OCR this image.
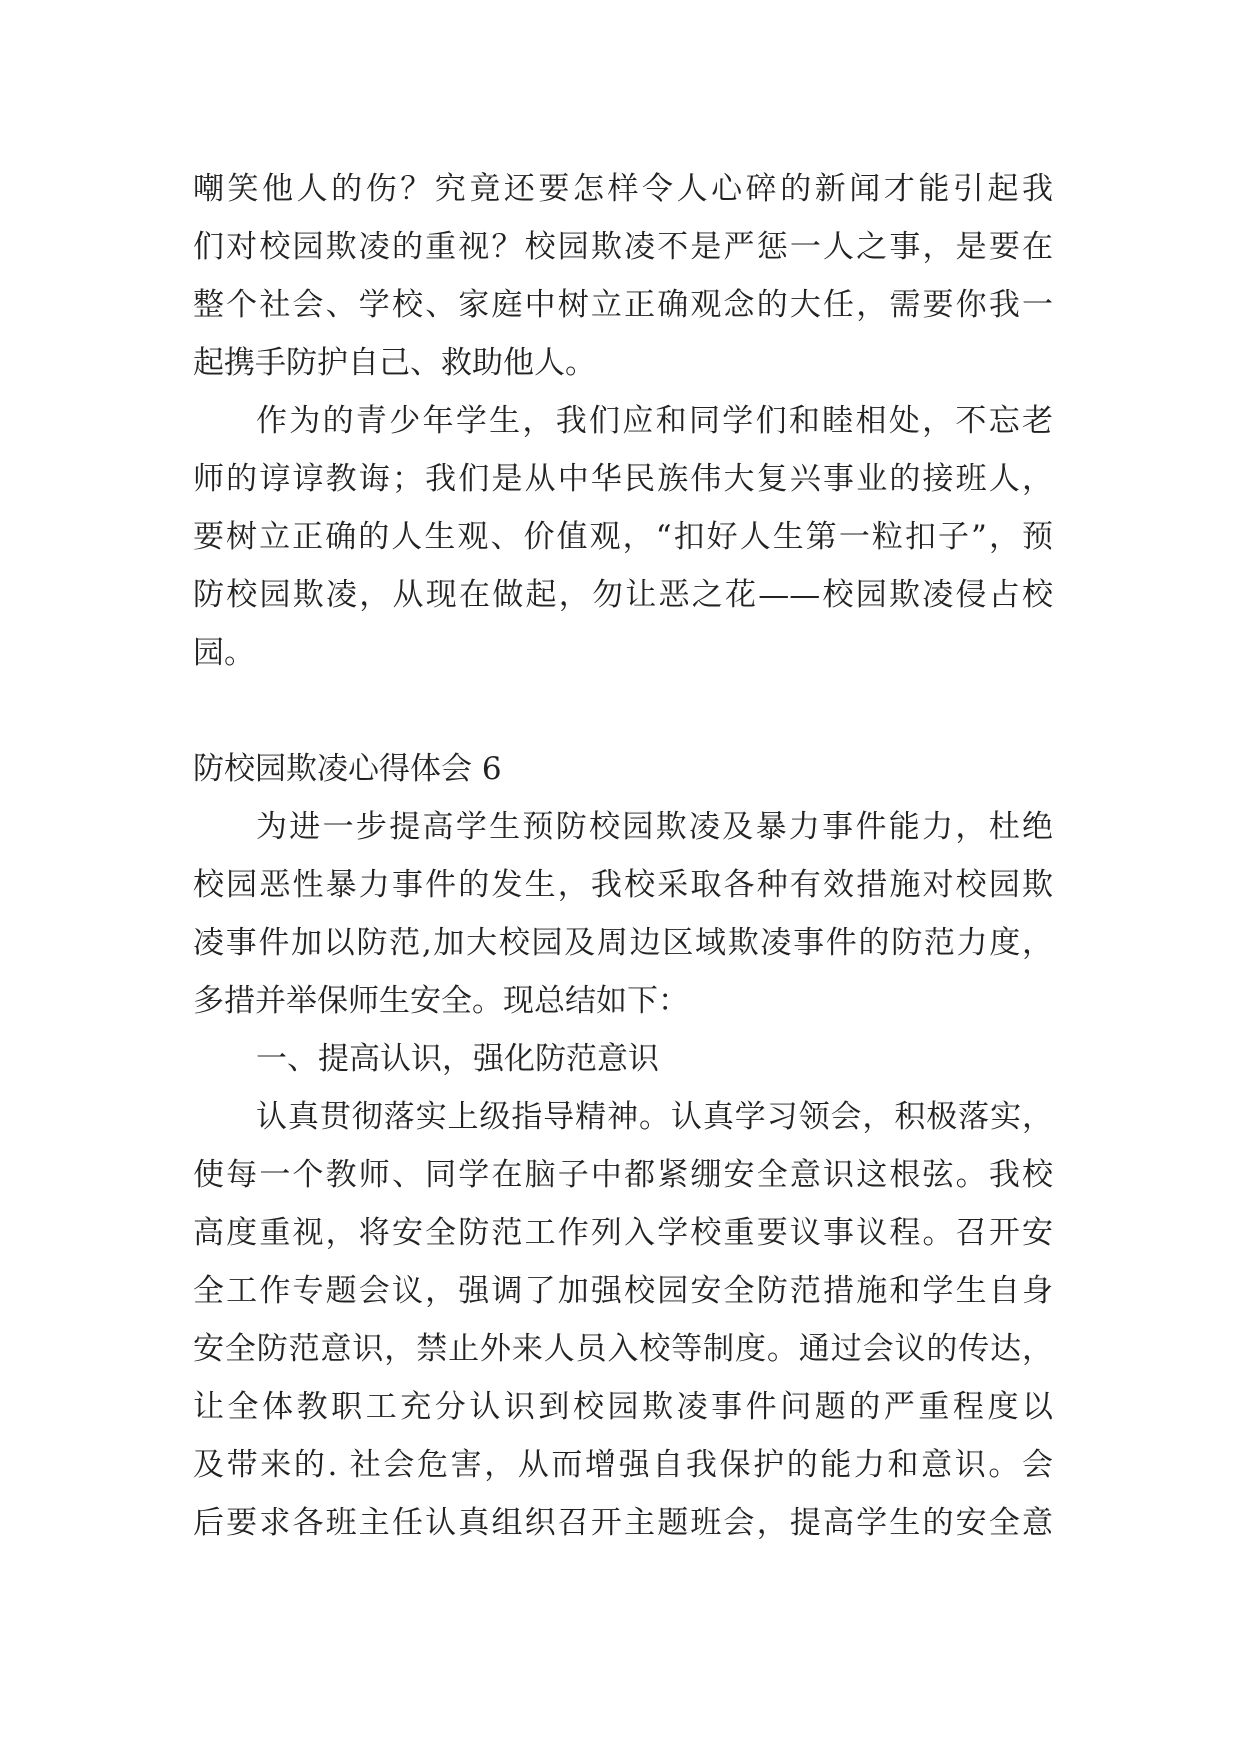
嘲笑他人的伤？究竟还要怎样令人心碎的新闻才能引起我
们对校园欺凌的重视？校园欺凌不是严惩一人之事，是要在
整个社会、学校、家庭中树立正确观念的大任，需要你我一
起携手防护自己、救助他人。
作为的青少年学生，我们应和同学们和睦相处，不忘老
师的谆谆教诲；我们是从中华民族伟大复兴事业的接班人，
要树立正确的人生观、价值观，“扣好人生第一粒扣子”，预
防校园欺凌，从现在做起，勿让恶之花——校园欺凌侵占校
园。
防校园欺凌心得体会 6
为进一步提高学生预防校园欺凌及暴力事件能力，杜绝
校园恶性暴力事件的发生，我校采取各种有效措施对校园欺
凌事件加以防范,加大校园及周边区域欺凌事件的防范力度，
多措并举保师生安全。现总结如下：
一、提高认识，强化防范意识
认真贯彻落实上级指导精神。认真学习领会，积极落实，
使每一个教师、同学在脑子中都紧绷安全意识这根弦。我校
高度重视，将安全防范工作列入学校重要议事议程。召开安
全工作专题会议，强调了加强校园安全防范措施和学生自身
安全防范意识，禁止外来人员入校等制度。通过会议的传达，
让全体教职工充分认识到校园欺凌事件问题的严重程度以
及带来的. 社会危害，从而增强自我保护的能力和意识。会
后要求各班主任认真组织召开主题班会，提高学生的安全意
